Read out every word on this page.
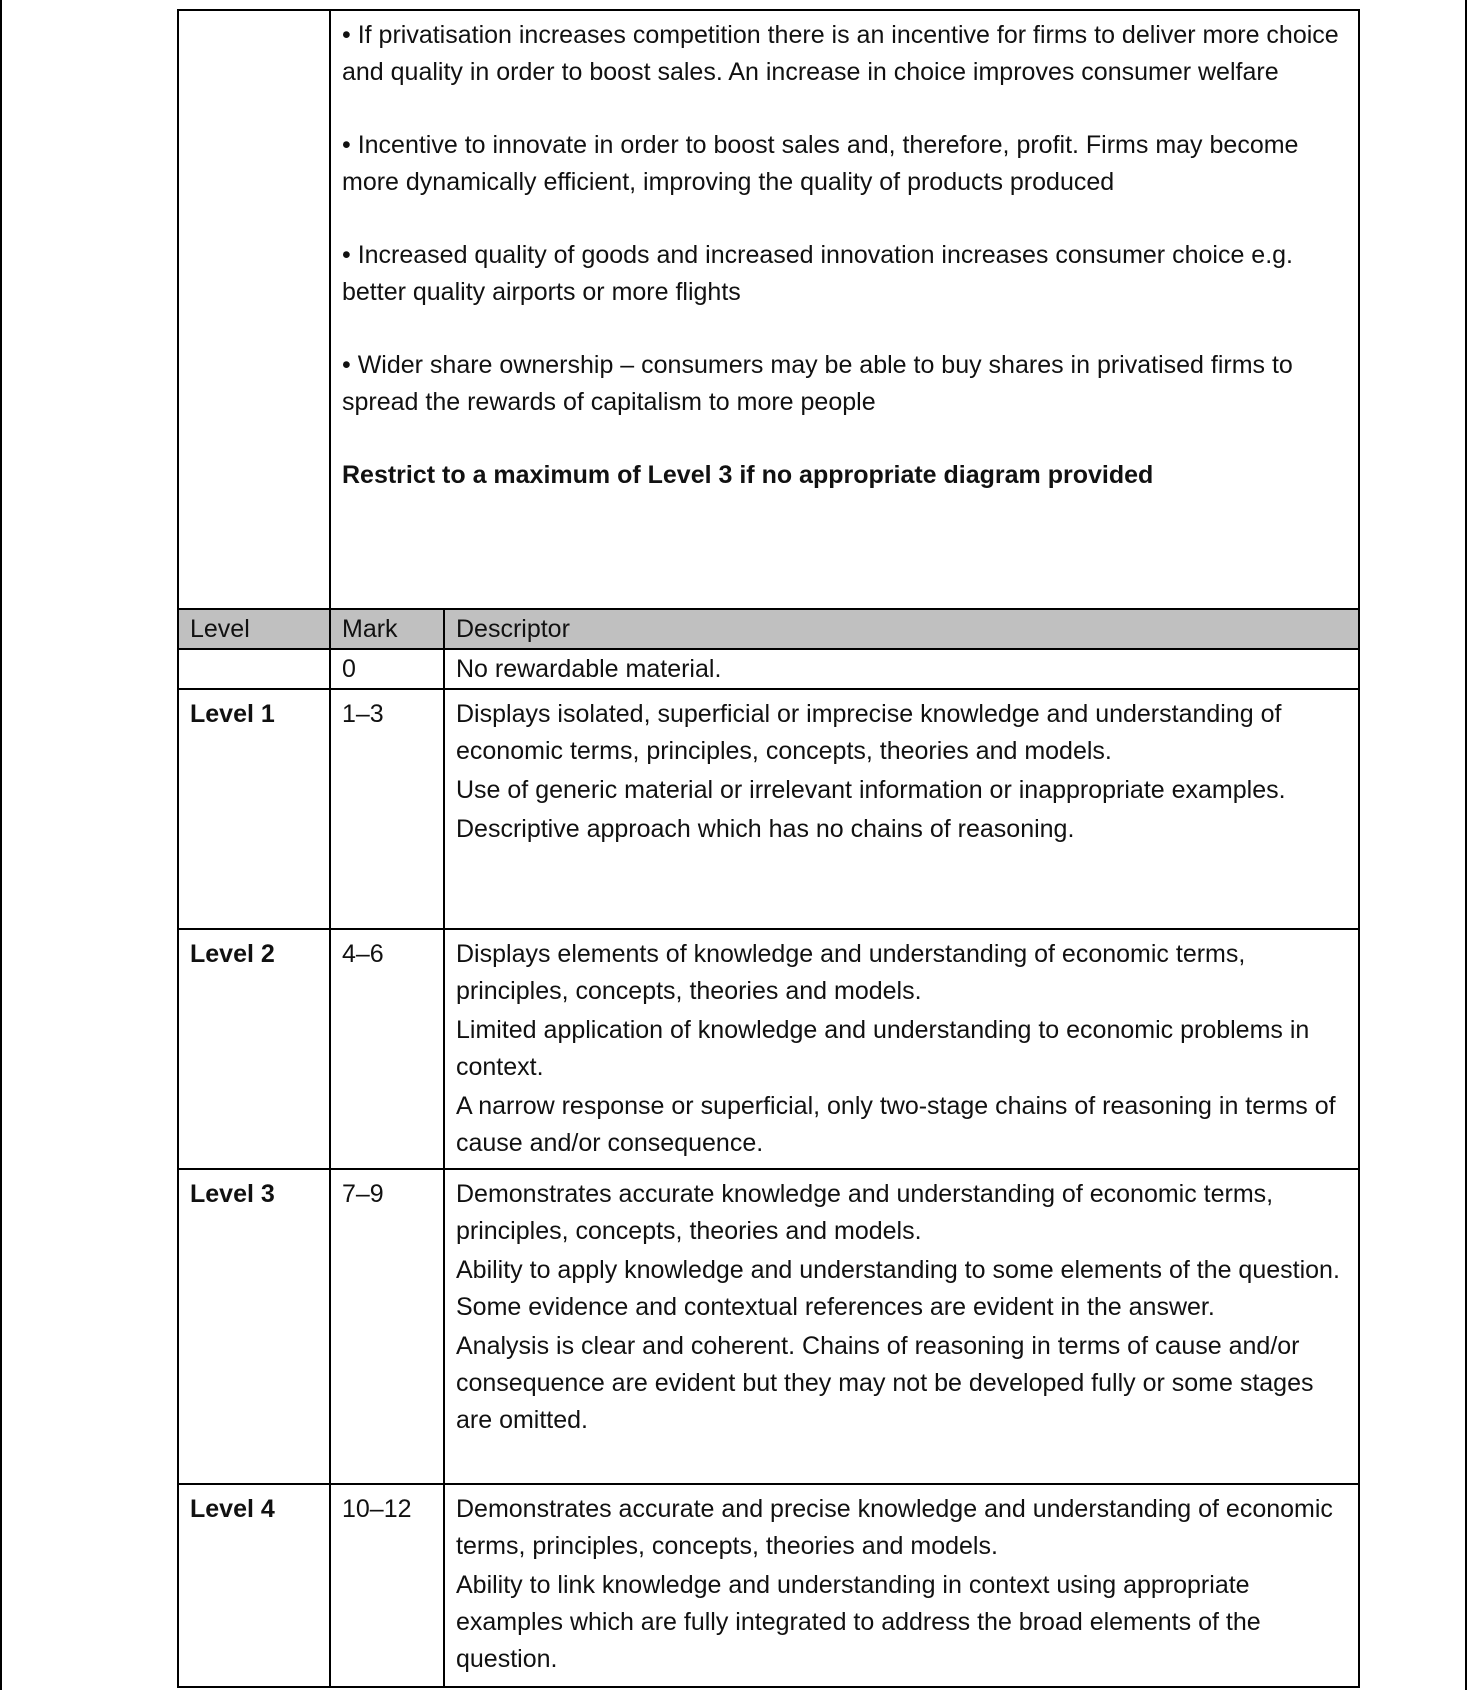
	• If privatisation increases competition there is an incentive for firms to deliver more choice and quality in order to boost sales. An increase in choice improves consumer welfare

• Incentive to innovate in order to boost sales and, therefore, profit. Firms may become more dynamically efficient, improving the quality of products produced

• Increased quality of goods and increased innovation increases consumer choice e.g. better quality airports or more flights

• Wider share ownership – consumers may be able to buy shares in privatised firms to spread the rewards of capitalism to more people

Restrict to a maximum of Level 3 if no appropriate diagram provided	

Level	Mark	Descriptor
	0	No rewardable material.
Level 1	1–3	Displays isolated, superficial or imprecise knowledge and understanding of economic terms, principles, concepts, theories and models.

Use of generic material or irrelevant information or inappropriate examples.

Descriptive approach which has no chains of reasoning.

Level 2	4–6	Displays elements of knowledge and understanding of economic terms, principles, concepts, theories and models.

Limited application of knowledge and understanding to economic problems in context.

A narrow response or superficial, only two-stage chains of reasoning in terms of cause and/or consequence.

Level 3	7–9	Demonstrates accurate knowledge and understanding of economic terms, principles, concepts, theories and models.

Ability to apply knowledge and understanding to some elements of the question. Some evidence and contextual references are evident in the answer.

Analysis is clear and coherent. Chains of reasoning in terms of cause and/or consequence are evident but they may not be developed fully or some stages are omitted.

Level 4	10–12	Demonstrates accurate and precise knowledge and understanding of economic terms, principles, concepts, theories and models.

Ability to link knowledge and understanding in context using appropriate examples which are fully integrated to address the broad elements of the question.
